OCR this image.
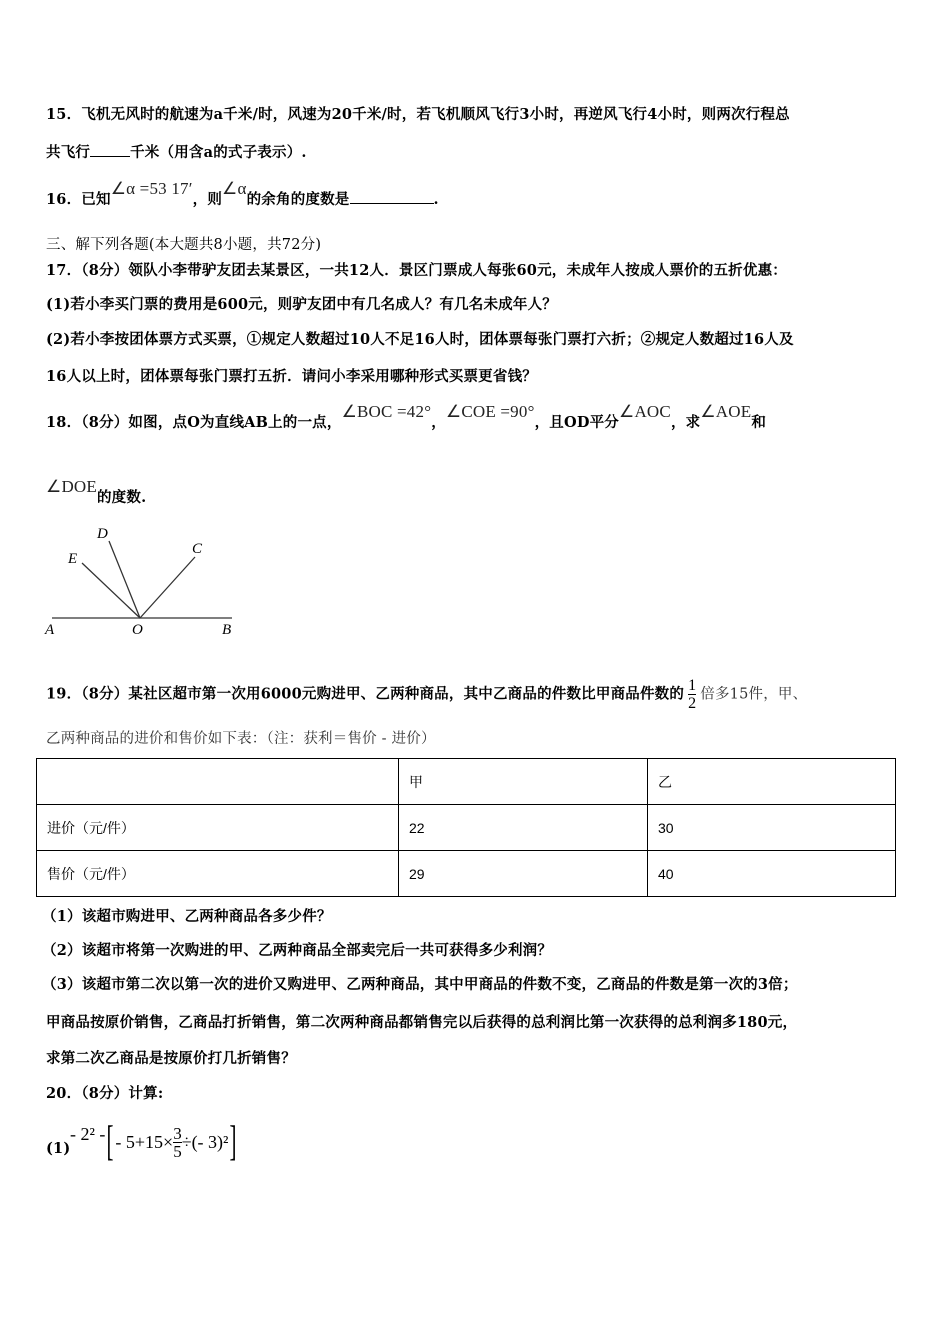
15．飞机无风时的航速为a千米/时，风速为20千米/时，若飞机顺风飞行3小时，再逆风飞行4小时，则两次行程总
共飞行	千米（用含a的式子表示）.
16．已知∠α =53 17′，则∠α的余角的度数是	.
三、解下列各题(本大题共8小题，共72分)
17．（8分）领队小李带驴友团去某景区，一共12人．景区门票成人每张60元，未成年人按成人票价的五折优惠：
(1)若小李买门票的费用是600元，则驴友团中有几名成人？有几名未成年人？
(2)若小李按团体票方式买票，①规定人数超过10人不足16人时，团体票每张门票打六折；②规定人数超过16人及
16人以上时，团体票每张门票打五折．请问小李采用哪种形式买票更省钱？
18．（8分）如图，点O为直线AB上的一点，∠BOC =42°，∠COE =90°，且OD平分∠AOC，求∠AOE和
∠DOE的度数.
A	O	B
C
D
E
19．（8分）某社区超市第一次用6000元购进甲、乙两种商品，其中乙商品的件数比甲商品件数的 $\frac{1}{2}$ 倍多15件，甲、
乙两种商品的进价和售价如下表：（注：获利＝售价 - 进价）
	甲	乙
进价（元/件）	22	30
售价（元/件）	29	40
（1）该超市购进甲、乙两种商品各多少件？
（2）该超市将第一次购进的甲、乙两种商品全部卖完后一共可获得多少利润？
（3）该超市第二次以第一次的进价又购进甲、乙两种商品，其中甲商品的件数不变，乙商品的件数是第一次的3倍；
甲商品按原价销售，乙商品打折销售，第二次两种商品都销售完以后获得的总利润比第一次获得的总利润多180元，
求第二次乙商品是按原价打几折销售？
20．（8分）计算:
(1)
- 2² - [ - $5+15\times \frac{3}{5}$ ÷(- 3)² ]
